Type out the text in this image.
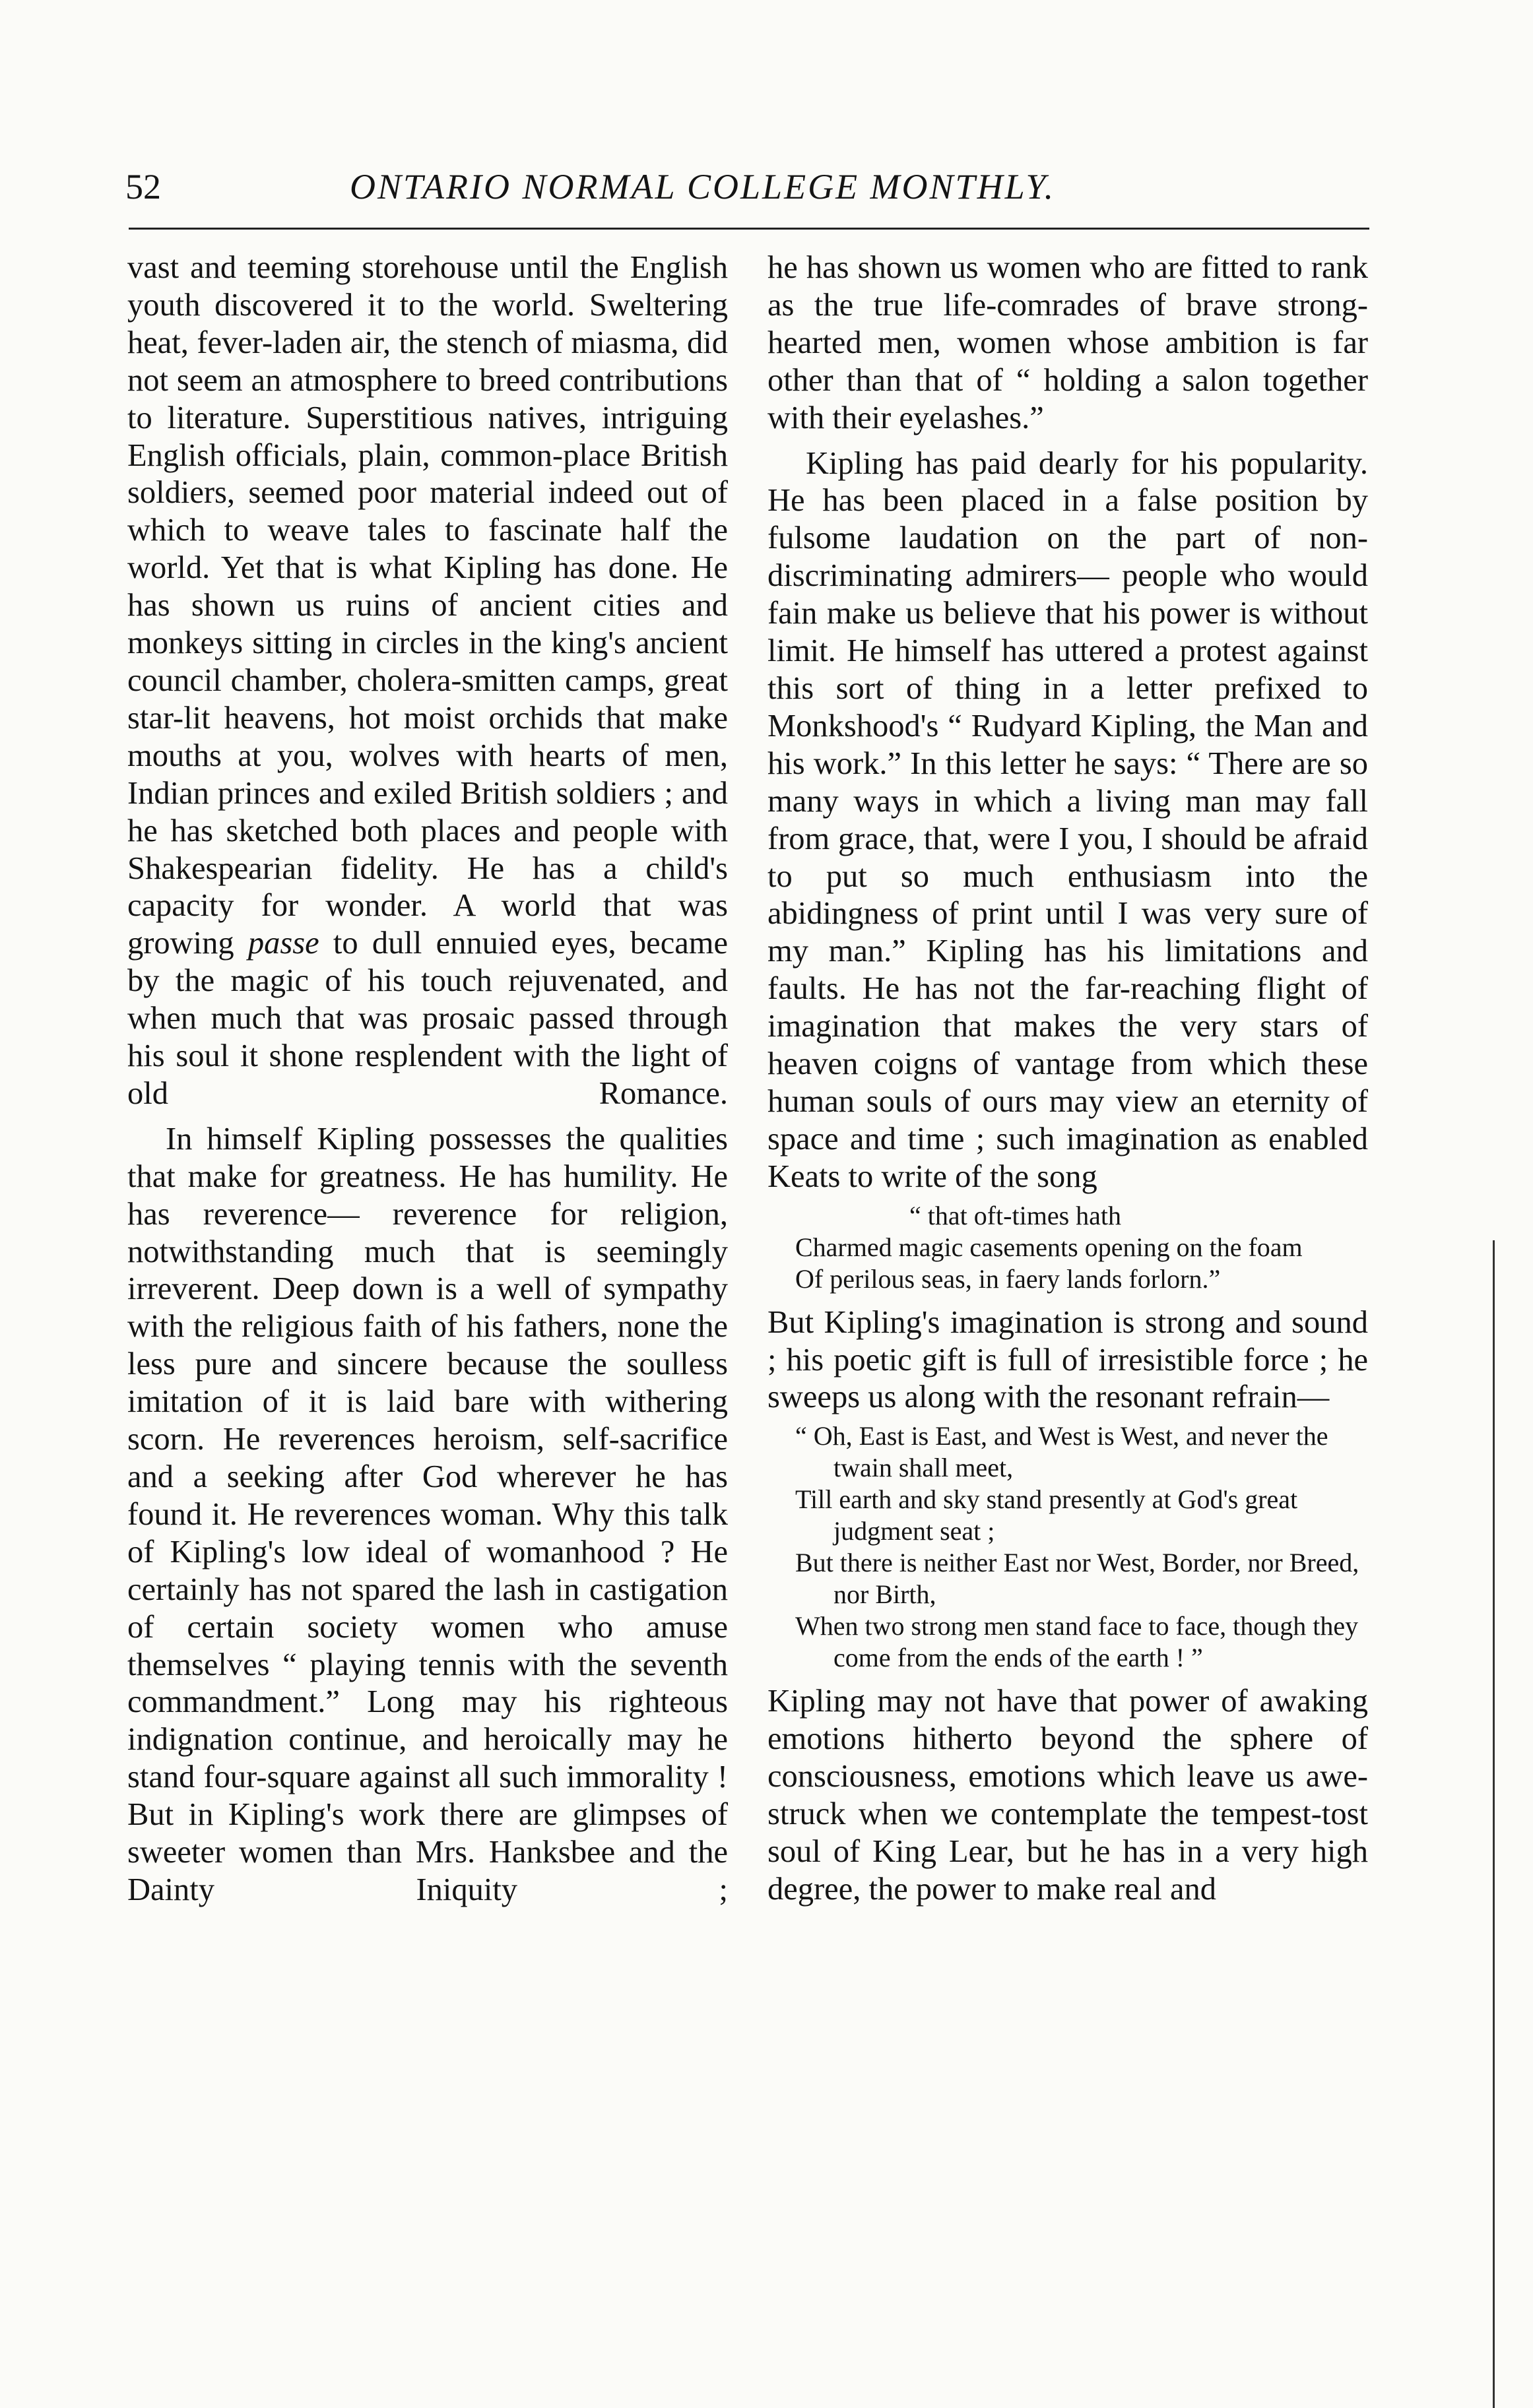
52	ONTARIO NORMAL COLLEGE MONTHLY.

vast and teeming storehouse until the English youth discovered it to the world. Sweltering heat, fever-laden air, the stench of miasma, did not seem an atmosphere to breed contributions to literature. Superstitious natives, intriguing English officials, plain, common-place British soldiers, seemed poor material indeed out of which to weave tales to fascinate half the world. Yet that is what Kipling has done. He has shown us ruins of ancient cities and monkeys sitting in circles in the king's ancient council chamber, cholera-smitten camps, great star-lit heavens, hot moist orchids that make mouths at you, wolves with hearts of men, Indian princes and exiled British soldiers ; and he has sketched both places and people with Shakespearian fidelity. He has a child's capacity for wonder. A world that was growing passe to dull ennuied eyes, became by the magic of his touch rejuvenated, and when much that was prosaic passed through his soul it shone resplendent with the light of old Romance.

In himself Kipling possesses the qualities that make for greatness. He has humility. He has reverence— reverence for religion, notwithstanding much that is seemingly irreverent. Deep down is a well of sympathy with the religious faith of his fathers, none the less pure and sincere because the soulless imitation of it is laid bare with withering scorn. He reverences heroism, self-sacrifice and a seeking after God wherever he has found it. He reverences woman. Why this talk of Kipling's low ideal of womanhood ? He certainly has not spared the lash in castigation of certain society women who amuse themselves “ playing tennis with the seventh commandment.” Long may his righteous indignation continue, and heroically may he stand four-square against all such immorality ! But in Kipling's work there are glimpses of sweeter women than Mrs. Hanksbee and the Dainty Iniquity ;

he has shown us women who are fitted to rank as the true life-comrades of brave strong-hearted men, women whose ambition is far other than that of “ holding a salon together with their eyelashes.”

Kipling has paid dearly for his popularity. He has been placed in a false position by fulsome laudation on the part of non-discriminating admirers— people who would fain make us believe that his power is without limit. He himself has uttered a protest against this sort of thing in a letter prefixed to Monkshood's “ Rudyard Kipling, the Man and his work.” In this letter he says: “ There are so many ways in which a living man may fall from grace, that, were I you, I should be afraid to put so much enthusiasm into the abidingness of print until I was very sure of my man.” Kipling has his limitations and faults. He has not the far-reaching flight of imagination that makes the very stars of heaven coigns of vantage from which these human souls of ours may view an eternity of space and time ; such imagination as enabled Keats to write of the song

“ that oft-times hath
Charmed magic casements opening on the foam
Of perilous seas, in faery lands forlorn.”

But Kipling's imagination is strong and sound ; his poetic gift is full of irresistible force ; he sweeps us along with the resonant refrain—

“ Oh, East is East, and West is West, and never the twain shall meet,
Till earth and sky stand presently at God's great judgment seat ;
But there is neither East nor West, Border, nor Breed, nor Birth,
When two strong men stand face to face, though they come from the ends of the earth ! ”

Kipling may not have that power of awaking emotions hitherto beyond the sphere of consciousness, emotions which leave us awe-struck when we contemplate the tempest-tost soul of King Lear, but he has in a very high degree, the power to make real and
